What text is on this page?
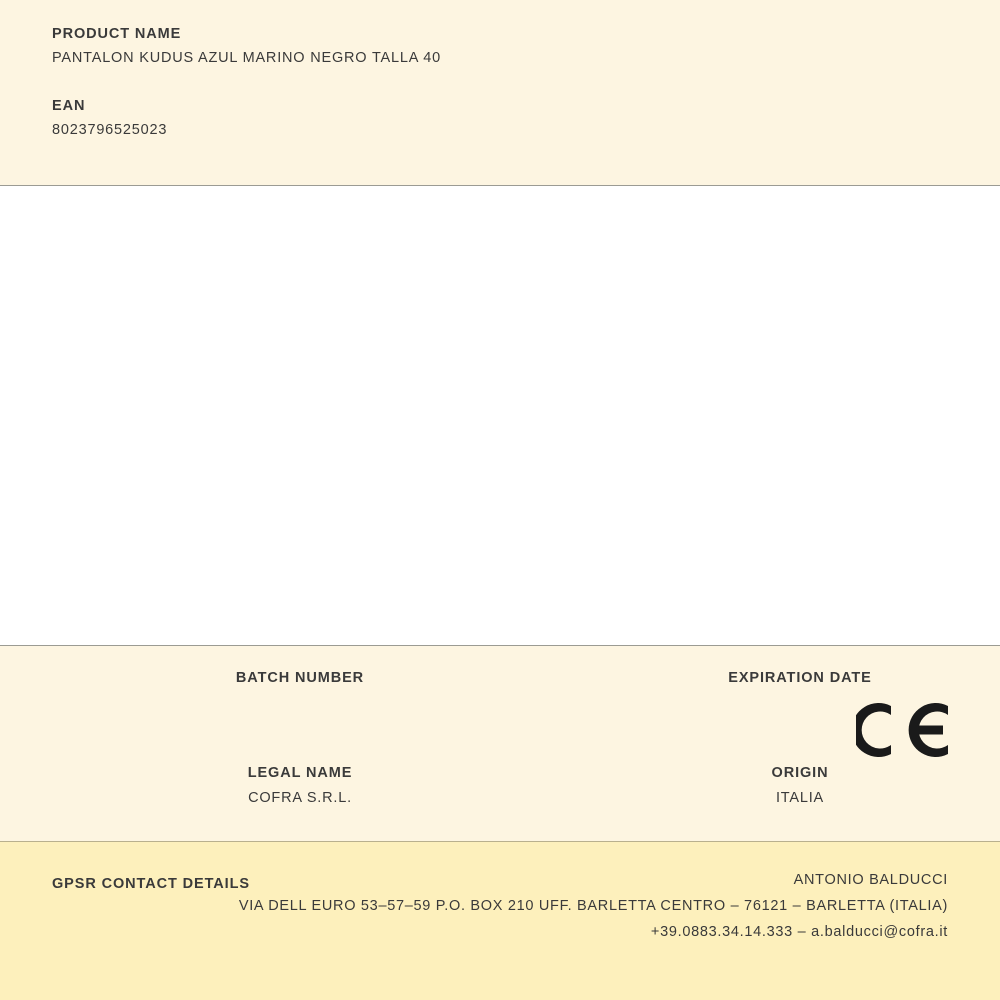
PRODUCT NAME
PANTALON KUDUS AZUL MARINO NEGRO TALLA 40
EAN
8023796525023
BATCH NUMBER	EXPIRATION DATE
LEGAL NAME
COFRA S.R.L.
ORIGIN
ITALIA
GPSR CONTACT DETAILS	ANTONIO BALDUCCI
VIA DELL EURO 53–57–59 P.O. BOX 210 UFF. BARLETTA CENTRO – 76121 – BARLETTA (ITALIA)
+39.0883.34.14.333 – a.balducci@cofra.it
